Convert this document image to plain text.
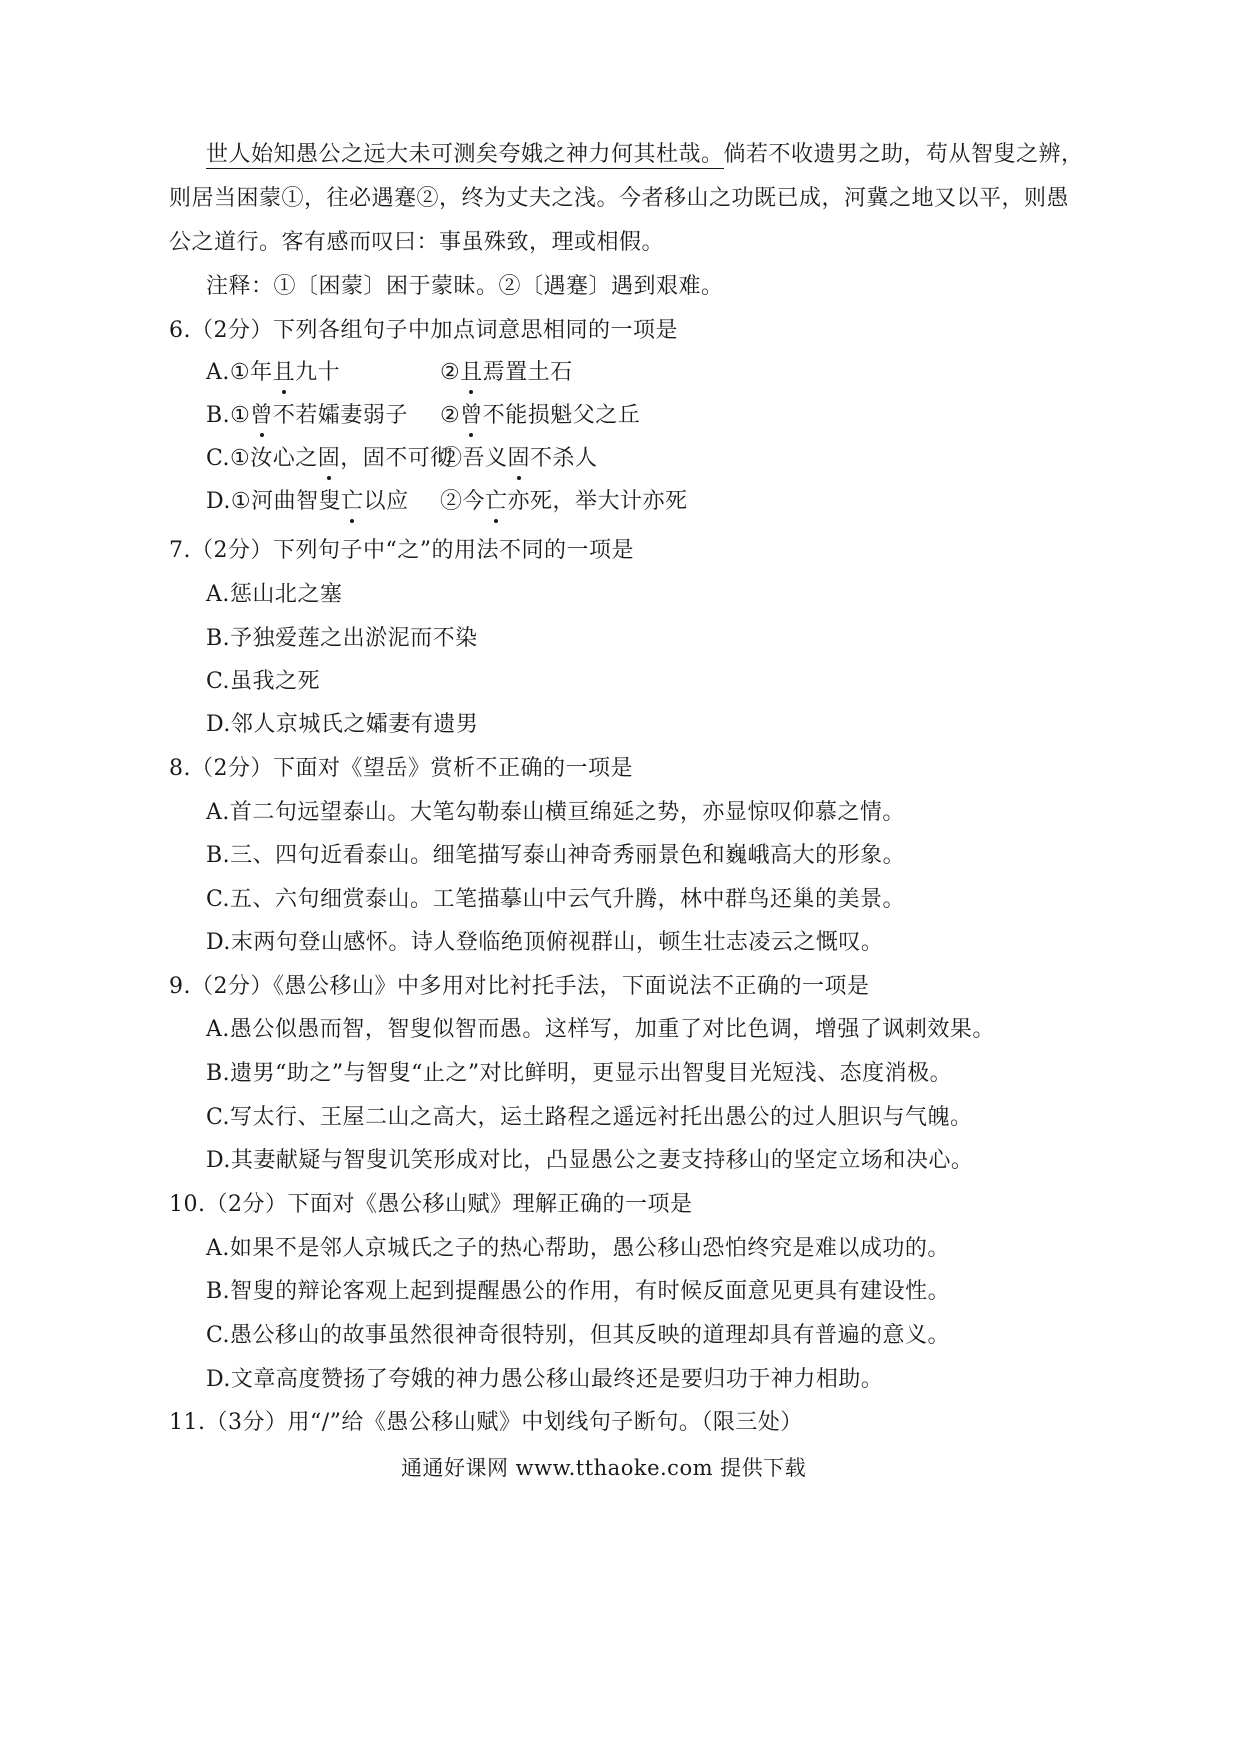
世人始知愚公之远大未可测矣夸娥之神力何其杜哉。倘若不收遗男之助，苟从智叟之辨，
则居当困蒙①，往必遇蹇②，终为丈夫之浅。今者移山之功既已成，河冀之地又以平，则愚
公之道行。客有感而叹曰：事虽殊致，理或相假。
注释：①〔困蒙〕困于蒙昧。②〔遇蹇〕遇到艰难。
6.（2分）下列各组句子中加点词意思相同的一项是
A.①年且九十	②且焉置土石
B.①曾不若孀妻弱子 ②曾不能损魁父之丘
C.①汝心之固，固不可彻
②吾义固不杀人
D.①河曲智叟亡以应 ②今亡亦死，举大计亦死
7.（2分）下列句子中“之”的用法不同的一项是
A.惩山北之塞
B.予独爱莲之出淤泥而不染
C.虽我之死
D.邻人京城氏之孀妻有遗男
8.（2分）下面对《望岳》赏析不正确的一项是
A.首二句远望泰山。大笔勾勒泰山横亘绵延之势，亦显惊叹仰慕之情。
B.三、四句近看泰山。细笔描写泰山神奇秀丽景色和巍峨高大的形象。
C.五、六句细赏泰山。工笔描摹山中云气升腾，林中群鸟还巢的美景。
D.末两句登山感怀。诗人登临绝顶俯视群山，顿生壮志凌云之慨叹。
9.（2分）《愚公移山》中多用对比衬托手法，下面说法不正确的一项是
A.愚公似愚而智，智叟似智而愚。这样写，加重了对比色调，增强了讽刺效果。
B.遗男“助之”与智叟“止之”对比鲜明，更显示出智叟目光短浅、态度消极。
C.写太行、王屋二山之高大，运土路程之遥远衬托出愚公的过人胆识与气魄。
D.其妻献疑与智叟讥笑形成对比，凸显愚公之妻支持移山的坚定立场和决心。
10.（2分）下面对《愚公移山赋》理解正确的一项是
A.如果不是邻人京城氏之子的热心帮助，愚公移山恐怕终究是难以成功的。
B.智叟的辩论客观上起到提醒愚公的作用，有时候反面意见更具有建设性。
C.愚公移山的故事虽然很神奇很特别，但其反映的道理却具有普遍的意义。
D.文章高度赞扬了夸娥的神力愚公移山最终还是要归功于神力相助。
11.（3分）用“/”给《愚公移山赋》中划线句子断句。（限三处）
通通好课网 www.tthaoke.com 提供下载
